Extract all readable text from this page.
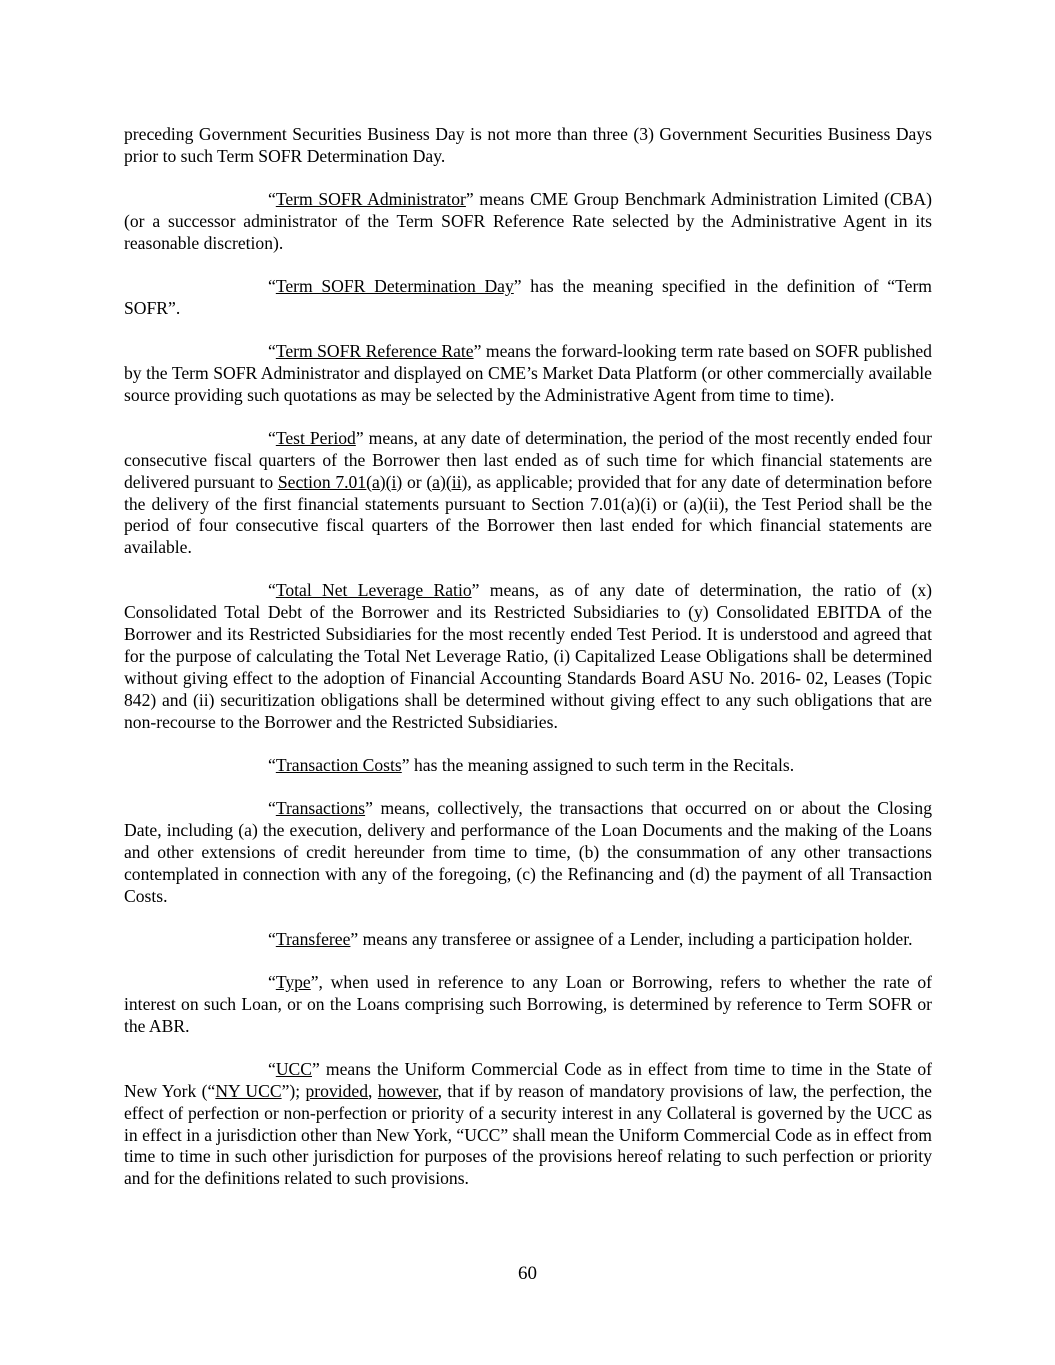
preceding Government Securities Business Day is not more than three (3) Government Securities Business Days prior to such Term SOFR Determination Day.

“Term SOFR Administrator” means CME Group Benchmark Administration Limited (CBA) (or a successor administrator of the Term SOFR Reference Rate selected by the Administrative Agent in its reasonable discretion).

“Term SOFR Determination Day” has the meaning specified in the definition of “Term SOFR”.

“Term SOFR Reference Rate” means the forward-looking term rate based on SOFR published by the Term SOFR Administrator and displayed on CME’s Market Data Platform (or other commercially available source providing such quotations as may be selected by the Administrative Agent from time to time).

“Test Period” means, at any date of determination, the period of the most recently ended four consecutive fiscal quarters of the Borrower then last ended as of such time for which financial statements are delivered pursuant to Section 7.01(a)(i) or (a)(ii), as applicable; provided that for any date of determination before the delivery of the first financial statements pursuant to Section 7.01(a)(i) or (a)(ii), the Test Period shall be the period of four consecutive fiscal quarters of the Borrower then last ended for which financial statements are available.

“Total Net Leverage Ratio” means, as of any date of determination, the ratio of (x) Consolidated Total Debt of the Borrower and its Restricted Subsidiaries to (y) Consolidated EBITDA of the Borrower and its Restricted Subsidiaries for the most recently ended Test Period. It is understood and agreed that for the purpose of calculating the Total Net Leverage Ratio, (i) Capitalized Lease Obligations shall be determined without giving effect to the adoption of Financial Accounting Standards Board ASU No. 2016- 02, Leases (Topic 842) and (ii) securitization obligations shall be determined without giving effect to any such obligations that are non-recourse to the Borrower and the Restricted Subsidiaries.

“Transaction Costs” has the meaning assigned to such term in the Recitals.

“Transactions” means, collectively, the transactions that occurred on or about the Closing Date, including (a) the execution, delivery and performance of the Loan Documents and the making of the Loans and other extensions of credit hereunder from time to time, (b) the consummation of any other transactions contemplated in connection with any of the foregoing, (c) the Refinancing and (d) the payment of all Transaction Costs.

“Transferee” means any transferee or assignee of a Lender, including a participation holder.

“Type”, when used in reference to any Loan or Borrowing, refers to whether the rate of interest on such Loan, or on the Loans comprising such Borrowing, is determined by reference to Term SOFR or the ABR.

“UCC” means the Uniform Commercial Code as in effect from time to time in the State of New York (“NY UCC”); provided, however, that if by reason of mandatory provisions of law, the perfection, the effect of perfection or non-perfection or priority of a security interest in any Collateral is governed by the UCC as in effect in a jurisdiction other than New York, “UCC” shall mean the Uniform Commercial Code as in effect from time to time in such other jurisdiction for purposes of the provisions hereof relating to such perfection or priority and for the definitions related to such provisions.

60
